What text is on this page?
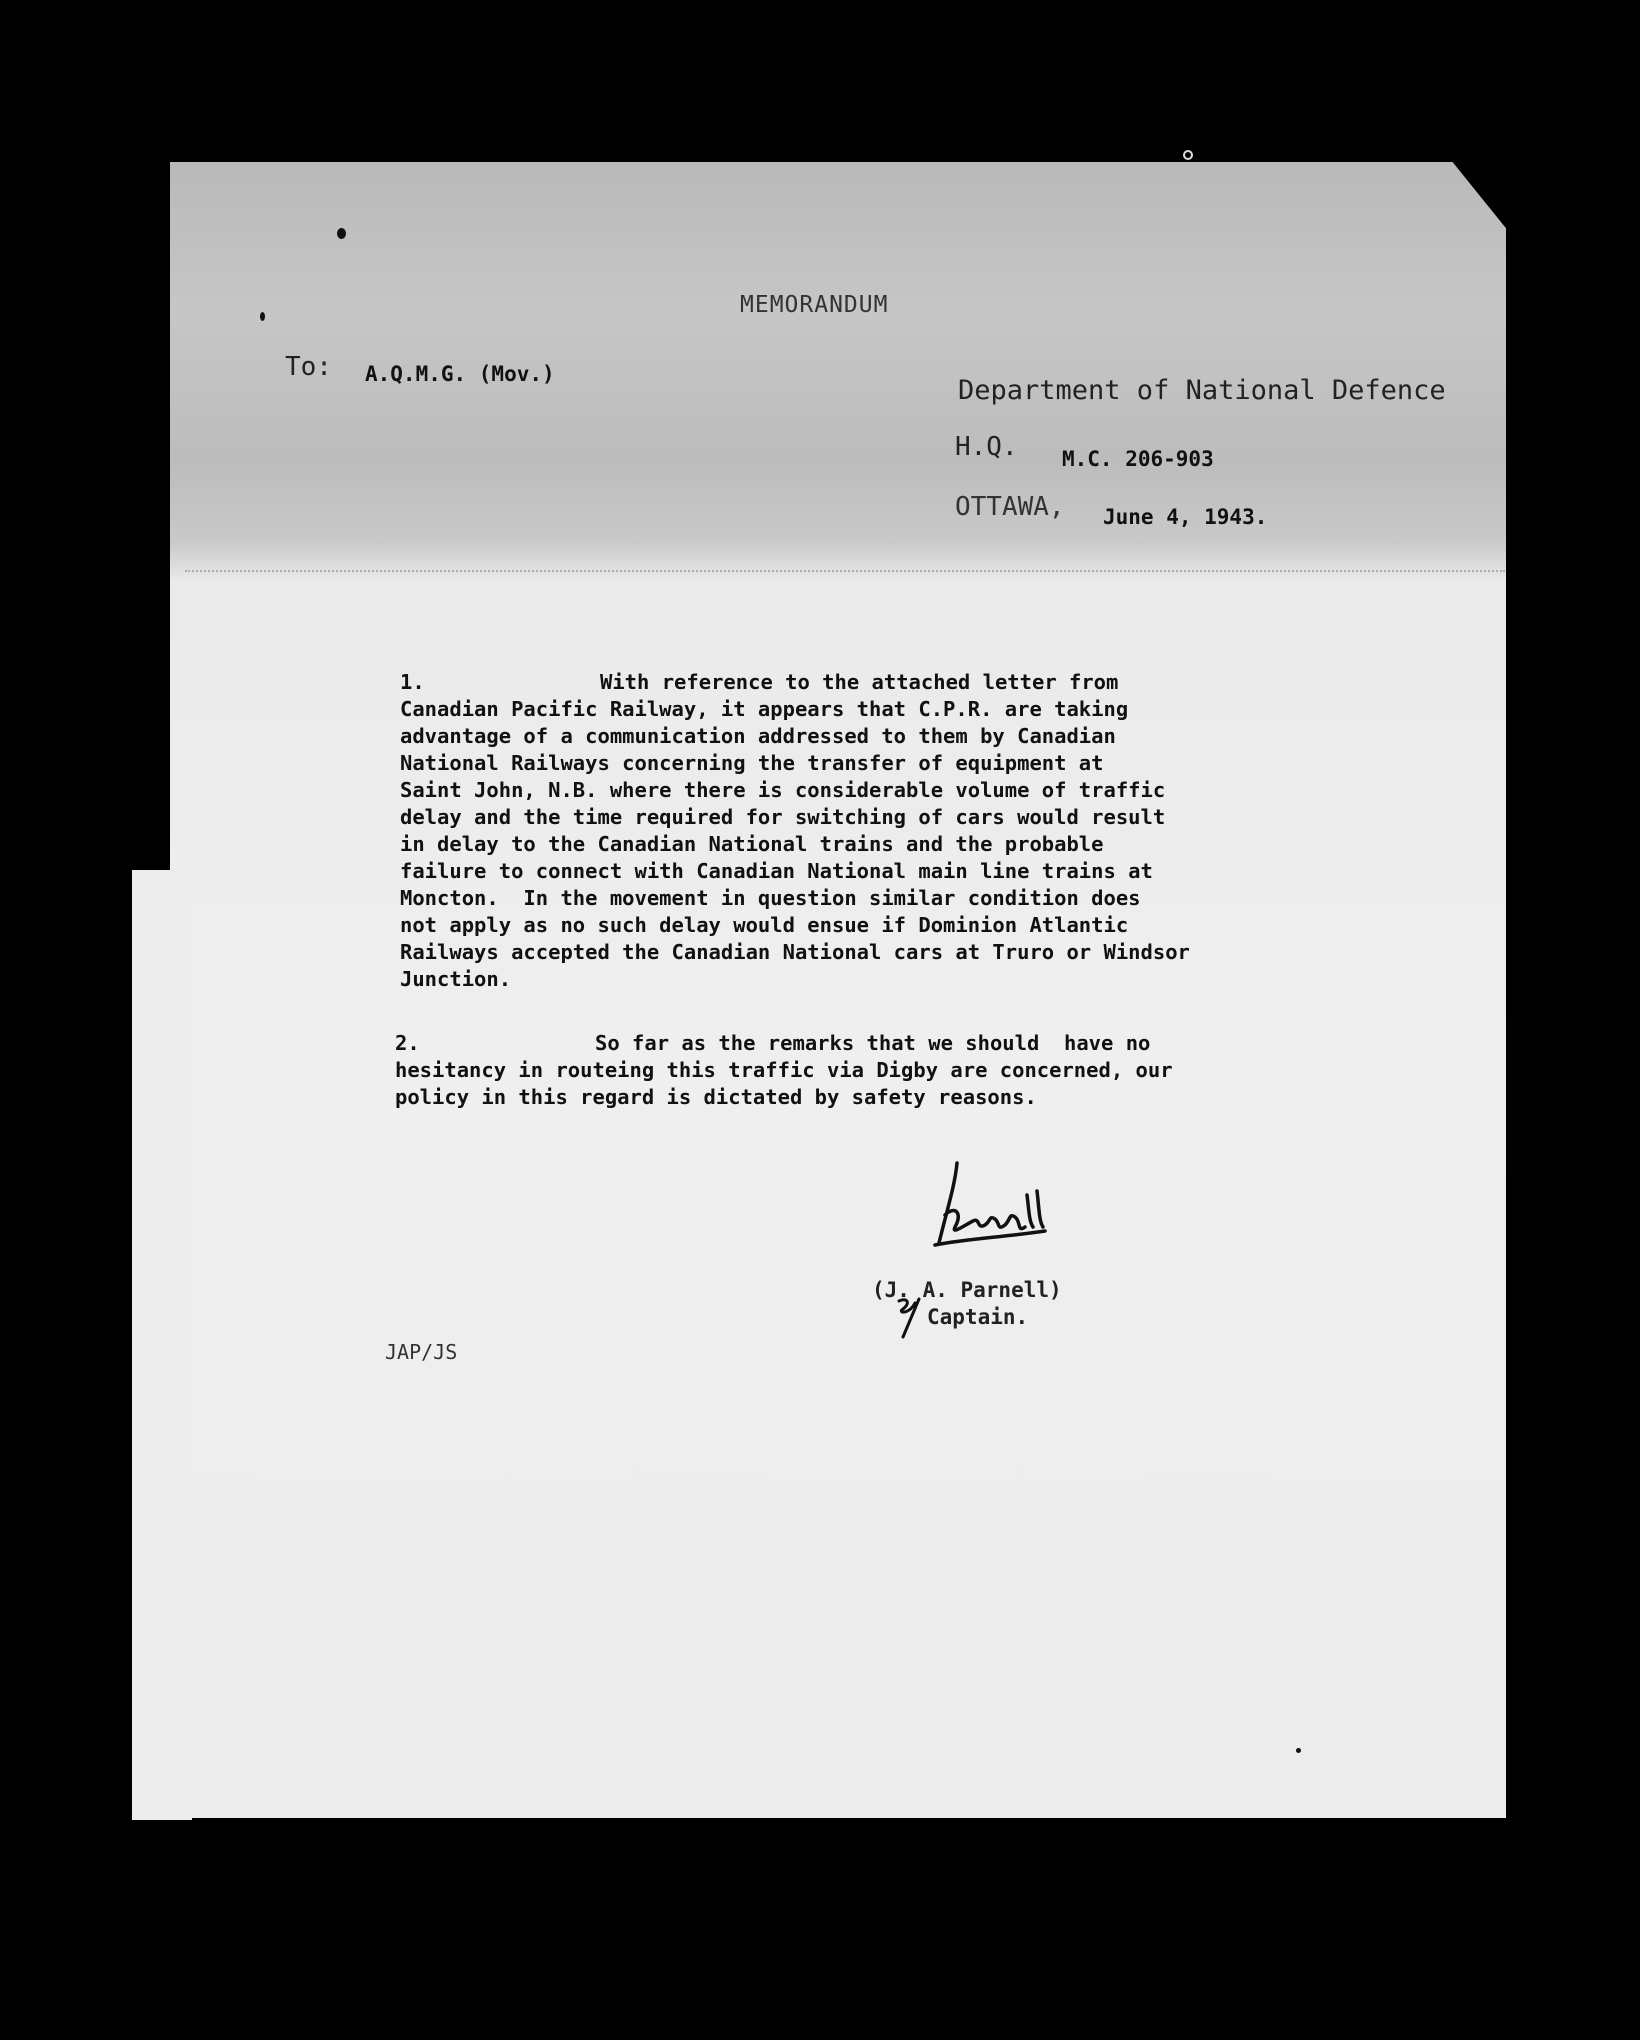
MEMORANDUM
To: A.Q.M.G. (Mov.)
Department of National Defence
H.Q. M.C. 206-903
OTTAWA, June 4, 1943.
1.	With reference to the attached letter from
Canadian Pacific Railway, it appears that C.P.R. are taking
advantage of a communication addressed to them by Canadian
National Railways concerning the transfer of equipment at
Saint John, N.B. where there is considerable volume of traffic
delay and the time required for switching of cars would result
in delay to the Canadian National trains and the probable
failure to connect with Canadian National main line trains at
Moncton.  In the movement in question similar condition does
not apply as no such delay would ensue if Dominion Atlantic
Railways accepted the Canadian National cars at Truro or Windsor
Junction.
2.	So far as the remarks that we should  have no
hesitancy in routeing this traffic via Digby are concerned, our
policy in this regard is dictated by safety reasons.
(J. A. Parnell)
Captain.
JAP/JS
